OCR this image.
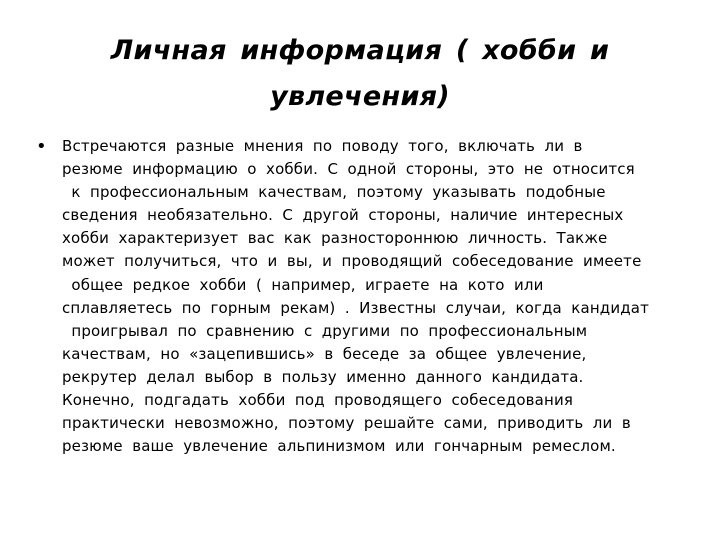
Личная информация ( хобби и
увлечения)
• Встречаются разные мнения по поводу того, включать ли в
резюме информацию о хобби. С одной стороны, это не относится
к профессиональным качествам, поэтому указывать подобные
сведения необязательно. С другой стороны, наличие интересных
хобби характеризует вас как разностороннюю личность. Также
может получиться, что и вы, и проводящий собеседование имеете
общее редкое хобби ( например, играете на кото или
сплавляетесь по горным рекам) . Известны случаи, когда кандидат
проигрывал по сравнению с другими по профессиональным
качествам, но «зацепившись» в беседе за общее увлечение,
рекрутер делал выбор в пользу именно данного кандидата.
Конечно, подгадать хобби под проводящего собеседования
практически невозможно, поэтому решайте сами, приводить ли в
резюме ваше увлечение альпинизмом или гончарным ремеслом.
